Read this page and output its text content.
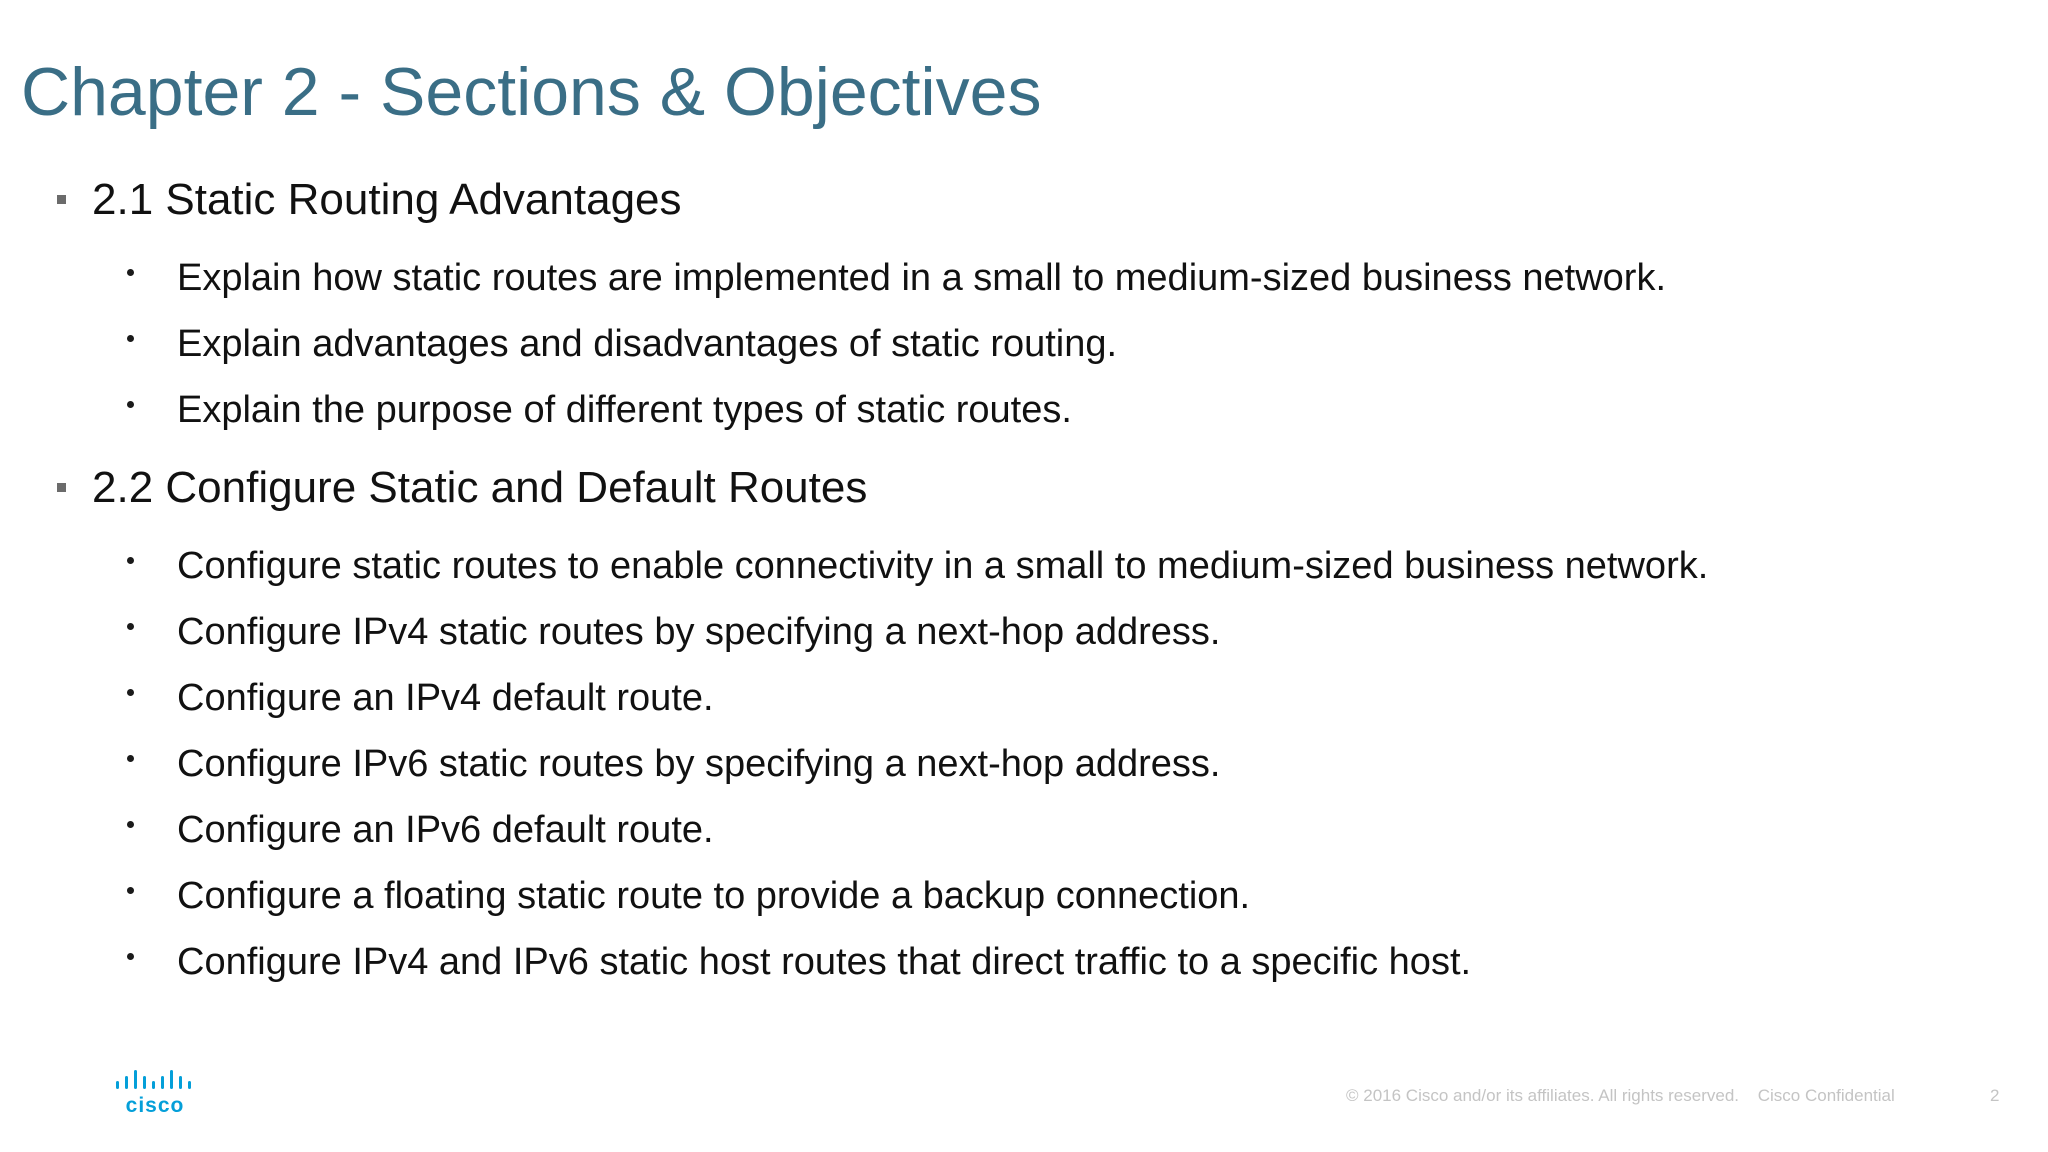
Chapter 2 - Sections & Objectives
2.1 Static Routing Advantages
Explain how static routes are implemented in a small to medium-sized business network.
Explain advantages and disadvantages of static routing.
Explain the purpose of different types of static routes.
2.2 Configure Static and Default Routes
Configure static routes to enable connectivity in a small to medium-sized business network.
Configure IPv4 static routes by specifying a next-hop address.
Configure an IPv4 default route.
Configure IPv6 static routes by specifying a next-hop address.
Configure an IPv6 default route.
Configure a floating static route to provide a backup connection.
Configure IPv4 and IPv6 static host routes that direct traffic to a specific host.
cisco	© 2016 Cisco and/or its affiliates. All rights reserved. Cisco Confidential	2
